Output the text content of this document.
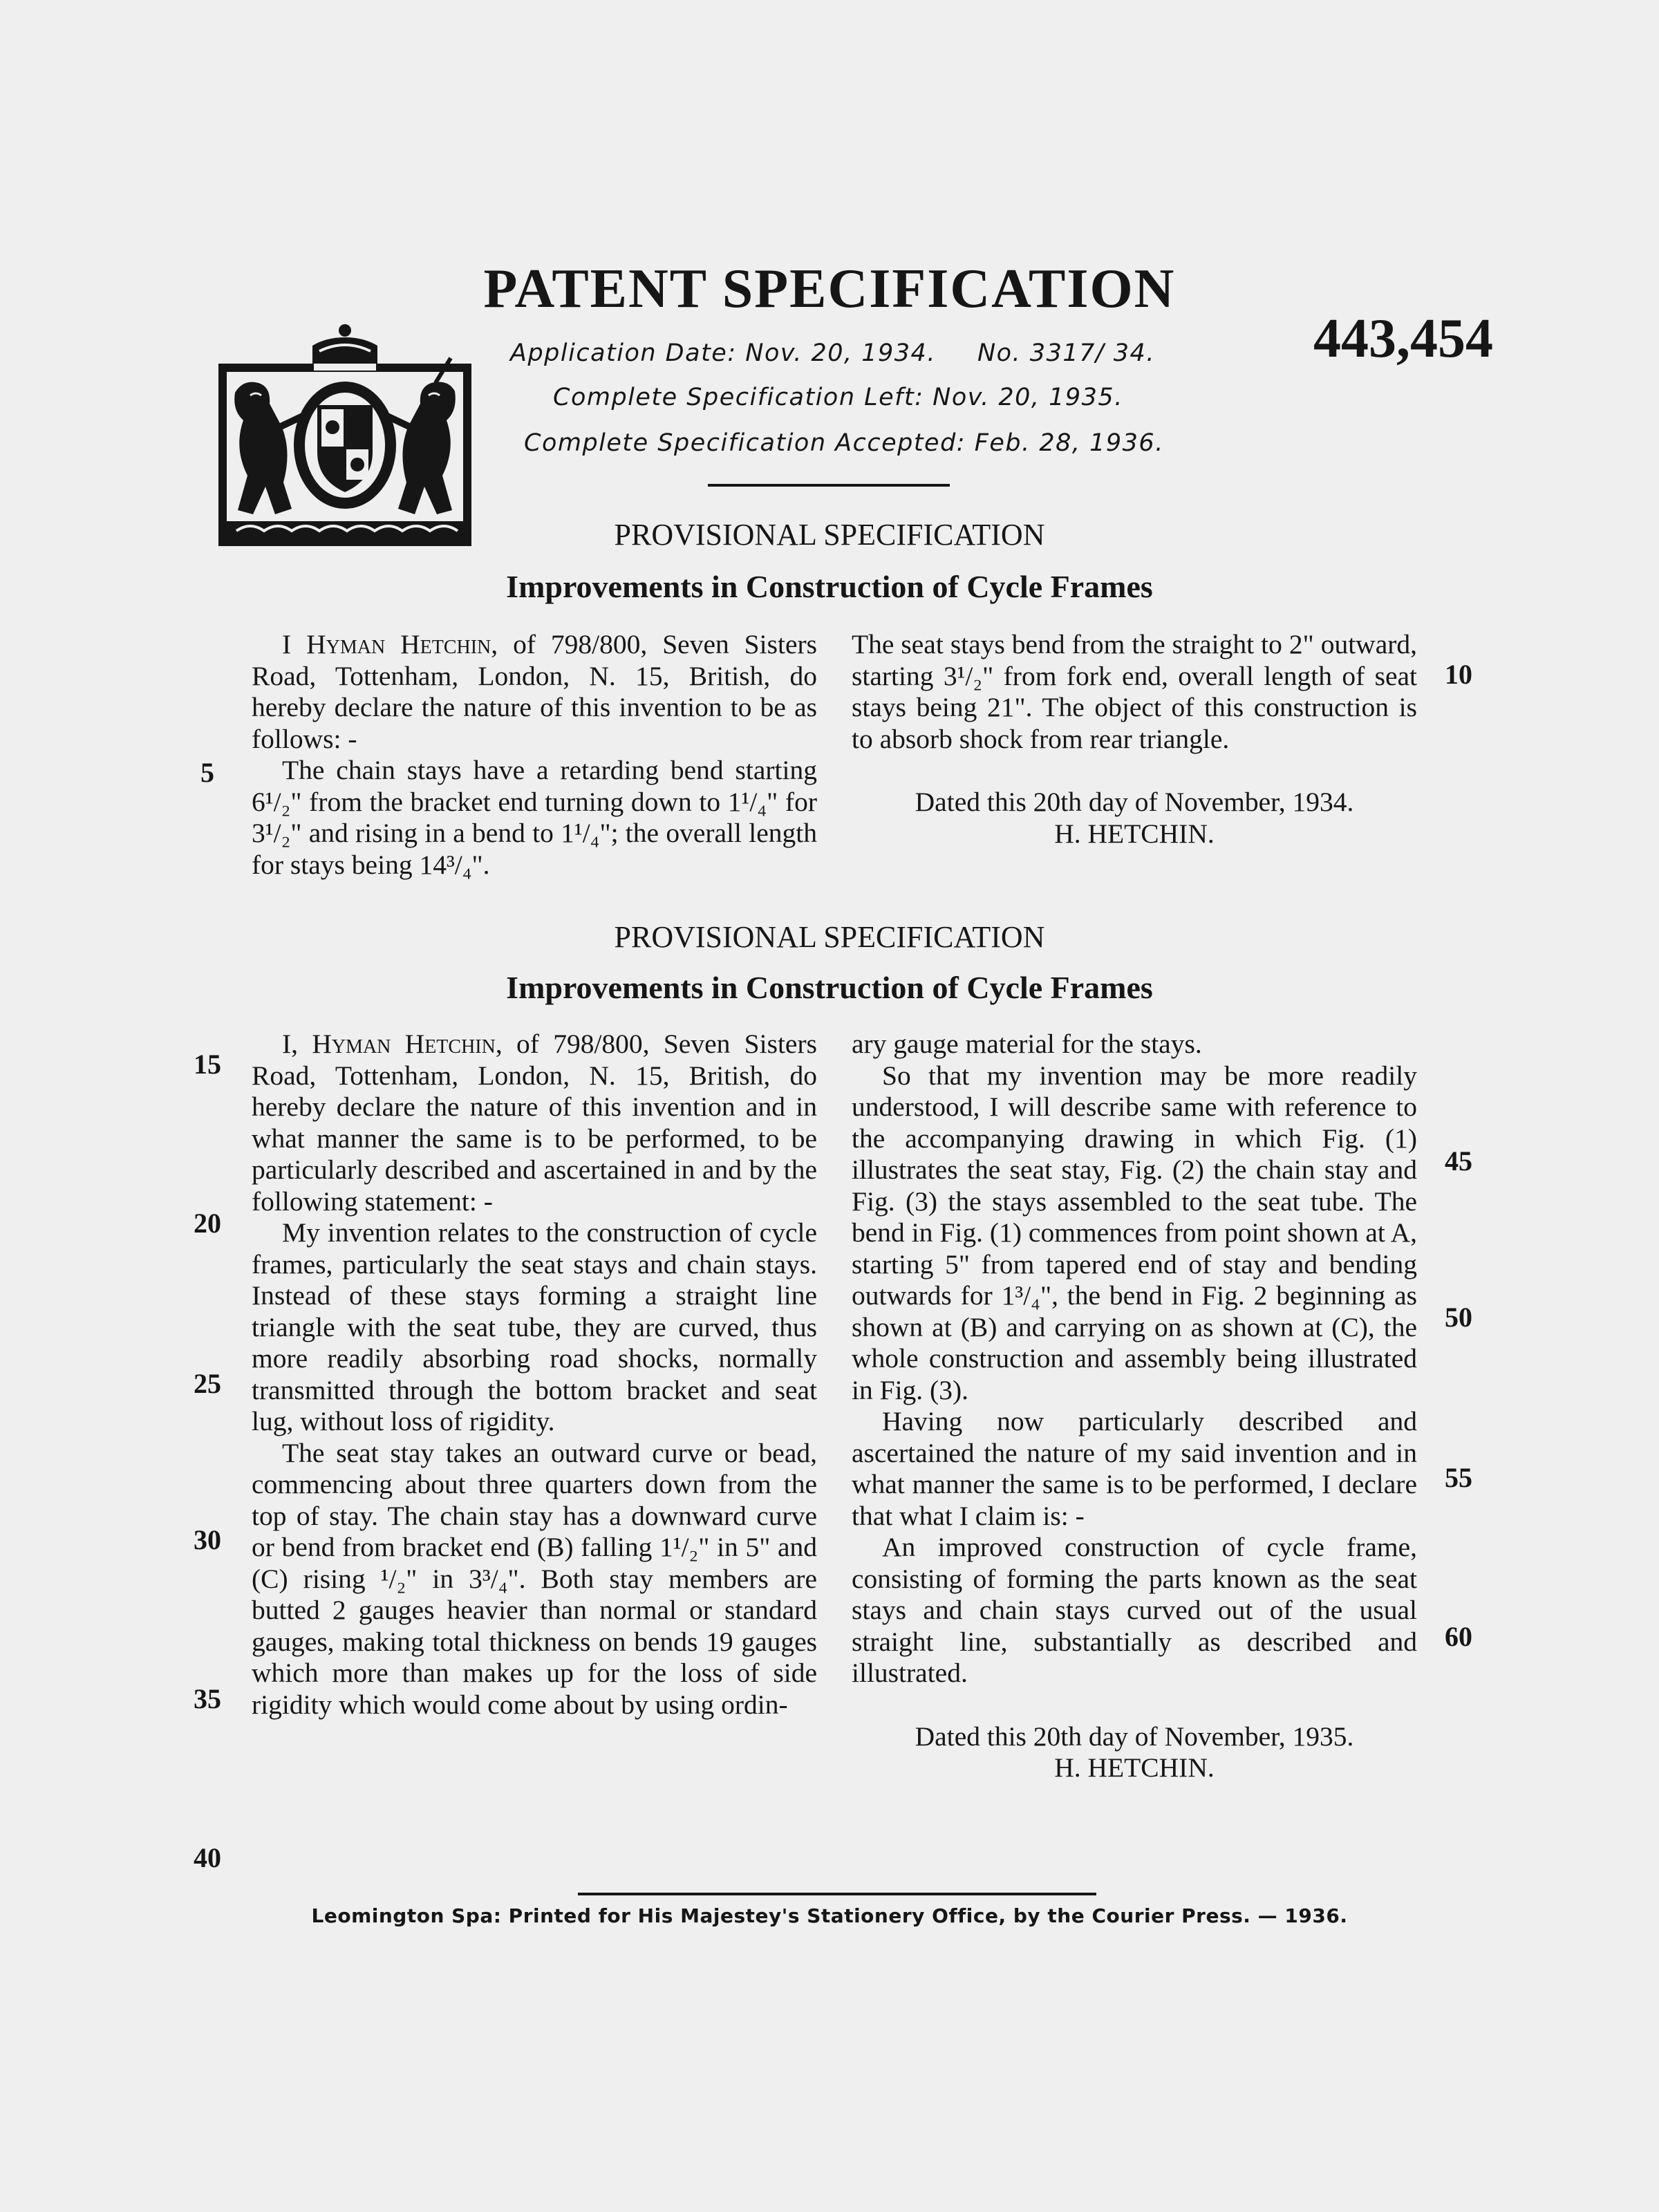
PATENT SPECIFICATION
443,454
Application Date: Nov. 20, 1934. No. 3317/ 34.
Complete Specification Left: Nov. 20, 1935.
Complete Specification Accepted: Feb. 28, 1936.
PROVISIONAL SPECIFICATION
Improvements in Construction of Cycle Frames

I Hyman Hetchin, of 798/800, Seven Sisters Road, Tottenham, London, N. 15, British, do hereby declare the nature of this invention to be as follows: -

The chain stays have a retarding bend starting 6¹/₂" from the bracket end turning down to 1¹/₄" for 3¹/₂" and rising in a bend to 1¹/₄"; the overall length for stays being 14³/₄".

The seat stays bend from the straight to 2" outward, starting 3¹/₂" from fork end, overall length of seat stays being 21". The object of this construction is to absorb shock from rear triangle.

Dated this 20th day of November, 1934.

H. HETCHIN.

5
10
PROVISIONAL SPECIFICATION
Improvements in Construction of Cycle Frames

I, Hyman Hetchin, of 798/800, Seven Sisters Road, Tottenham, London, N. 15, British, do hereby declare the nature of this invention and in what manner the same is to be performed, to be particularly described and ascertained in and by the following statement: -

My invention relates to the construction of cycle frames, particularly the seat stays and chain stays. Instead of these stays forming a straight line triangle with the seat tube, they are curved, thus more readily absorbing road shocks, normally transmitted through the bottom bracket and seat lug, without loss of rigidity.

The seat stay takes an outward curve or bead, commencing about three quarters down from the top of stay. The chain stay has a downward curve or bend from bracket end (B) falling 1¹/₂" in 5" and (C) rising ¹/₂" in 3³/₄". Both stay members are butted 2 gauges heavier than normal or standard gauges, making total thickness on bends 19 gauges which more than makes up for the loss of side rigidity which would come about by using ordin-

ary gauge material for the stays.

So that my invention may be more readily understood, I will describe same with reference to the accompanying drawing in which Fig. (1) illustrates the seat stay, Fig. (2) the chain stay and Fig. (3) the stays assembled to the seat tube. The bend in Fig. (1) commences from point shown at A, starting 5" from tapered end of stay and bending outwards for 1³/₄", the bend in Fig. 2 beginning as shown at (B) and carrying on as shown at (C), the whole construction and assembly being illustrated in Fig. (3).

Having now particularly described and ascertained the nature of my said invention and in what manner the same is to be performed, I declare that what I claim is: -

An improved construction of cycle frame, consisting of forming the parts known as the seat stays and chain stays curved out of the usual straight line, substantially as described and illustrated.

Dated this 20th day of November, 1935.

H. HETCHIN.

15
20
25
30
35
40
45
50
55
60
Leomington Spa: Printed for His Majestey's Stationery Office, by the Courier Press. — 1936.
